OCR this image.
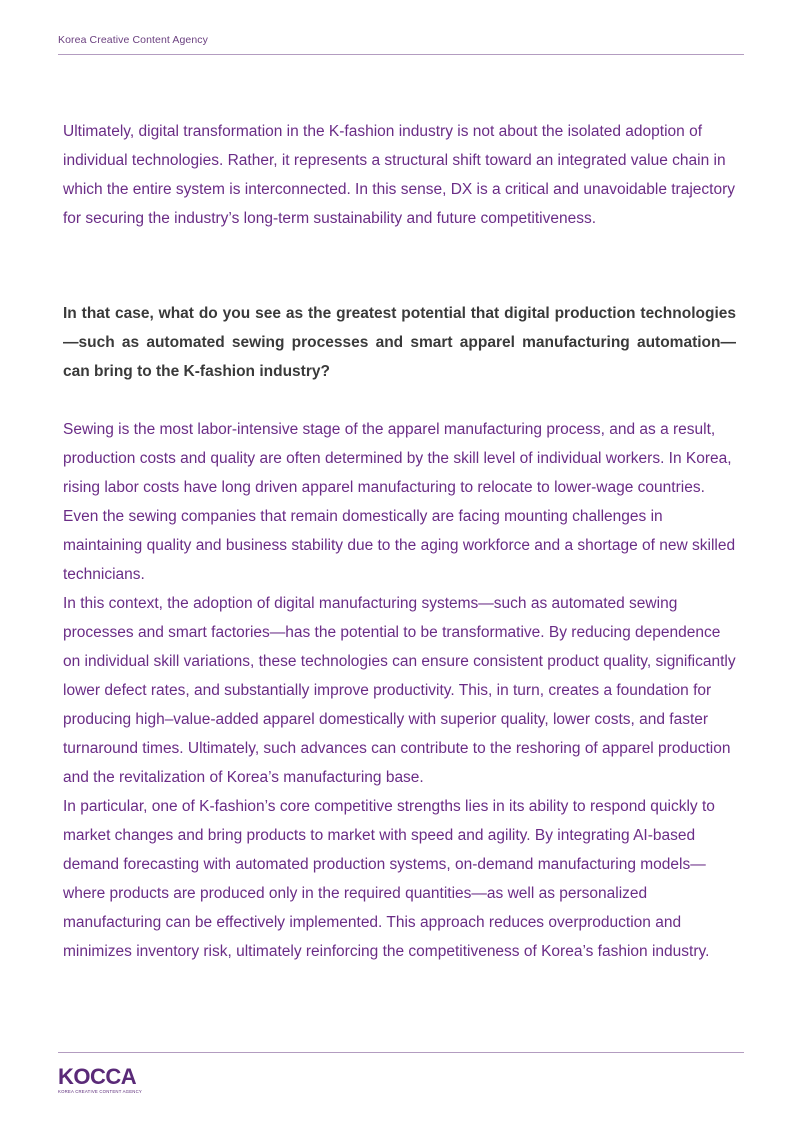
Korea Creative Content Agency

Ultimately, digital transformation in the K-fashion industry is not about the isolated adoption of individual technologies. Rather, it represents a structural shift toward an integrated value chain in which the entire system is interconnected. In this sense, DX is a critical and unavoidable trajectory for securing the industry’s long-term sustainability and future competitiveness.

In that case, what do you see as the greatest potential that digital production technologies—such as automated sewing processes and smart apparel manufacturing automation—can bring to the K-fashion industry?

Sewing is the most labor-intensive stage of the apparel manufacturing process, and as a result, production costs and quality are often determined by the skill level of individual workers. In Korea, rising labor costs have long driven apparel manufacturing to relocate to lower-wage countries. Even the sewing companies that remain domestically are facing mounting challenges in maintaining quality and business stability due to the aging workforce and a shortage of new skilled technicians.

In this context, the adoption of digital manufacturing systems—such as automated sewing processes and smart factories—has the potential to be transformative. By reducing dependence on individual skill variations, these technologies can ensure consistent product quality, significantly lower defect rates, and substantially improve productivity. This, in turn, creates a foundation for producing high–value-added apparel domestically with superior quality, lower costs, and faster turnaround times. Ultimately, such advances can contribute to the reshoring of apparel production and the revitalization of Korea’s manufacturing base.

In particular, one of K-fashion’s core competitive strengths lies in its ability to respond quickly to market changes and bring products to market with speed and agility. By integrating AI-based demand forecasting with automated production systems, on-demand manufacturing models—where products are produced only in the required quantities—as well as personalized manufacturing can be effectively implemented. This approach reduces overproduction and minimizes inventory risk, ultimately reinforcing the competitiveness of Korea’s fashion industry.

KOCCA
KOREA CREATIVE CONTENT AGENCY
